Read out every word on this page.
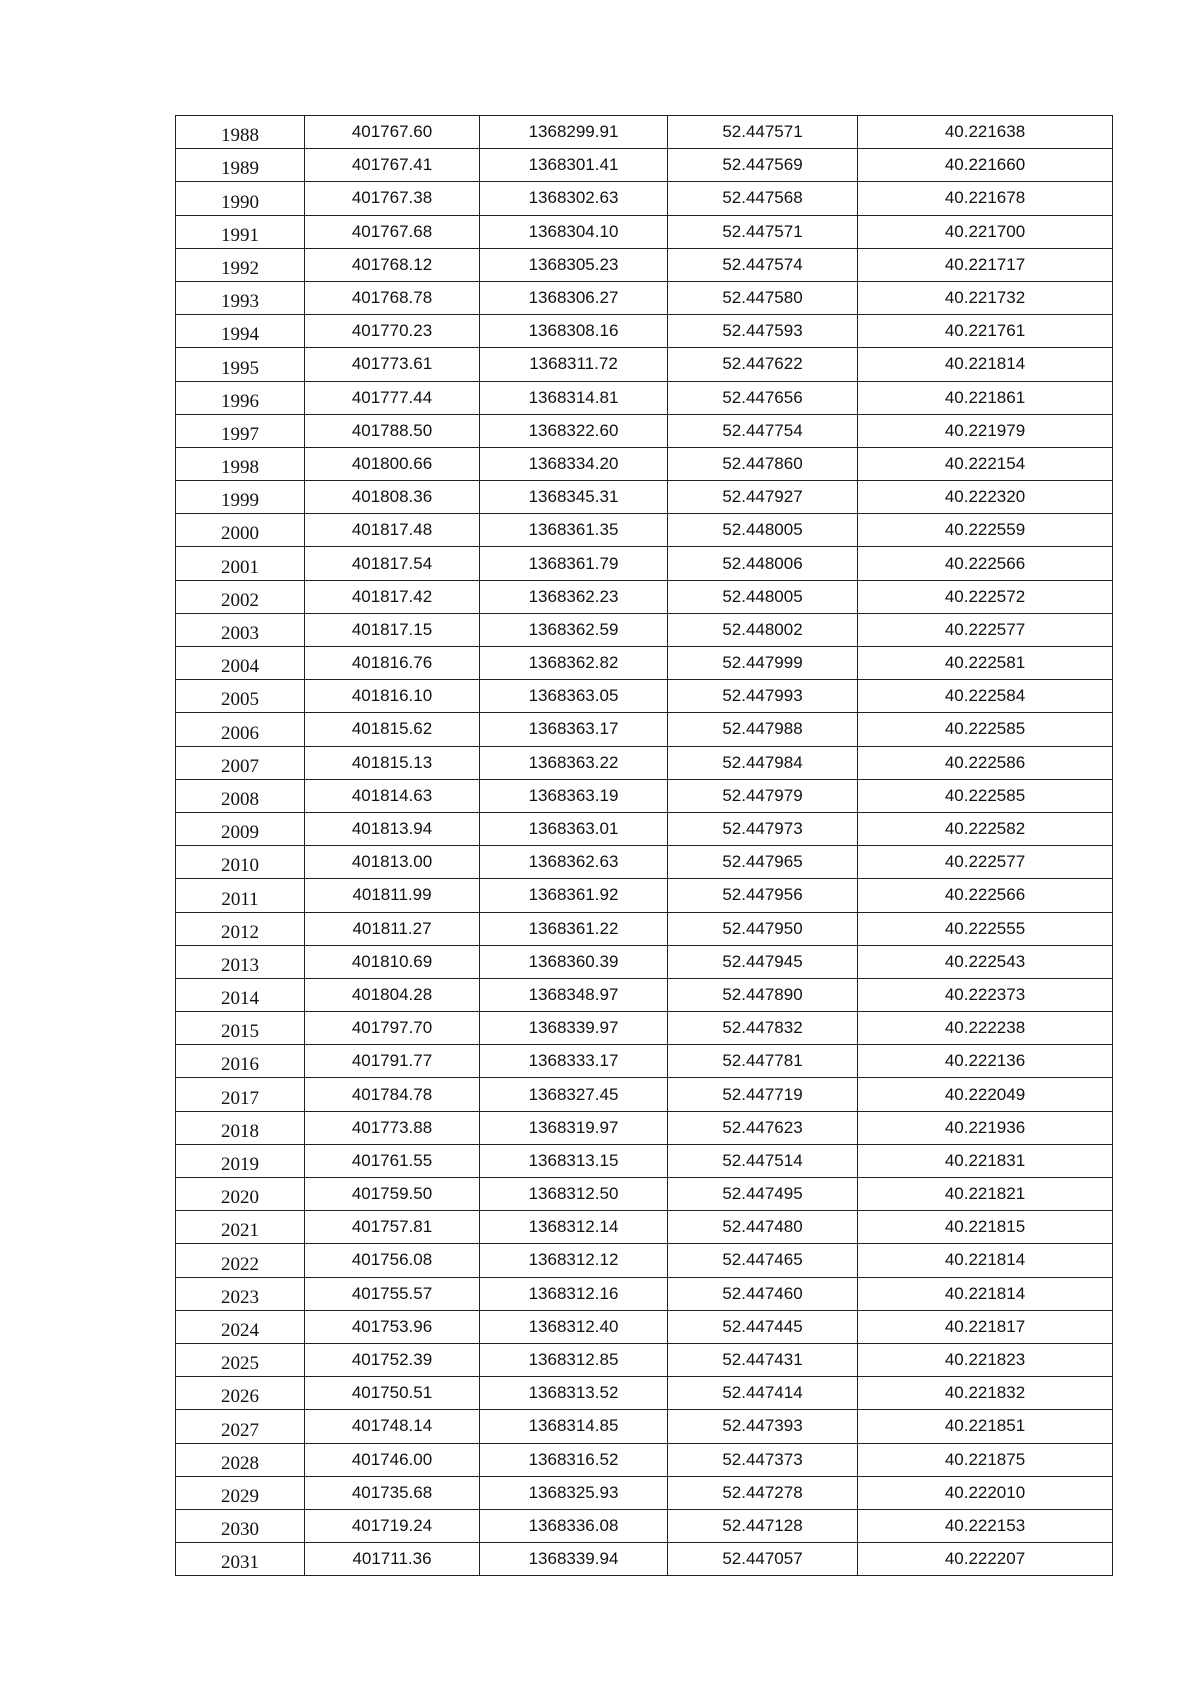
1988	401767.60	1368299.91	52.447571	40.221638
1989	401767.41	1368301.41	52.447569	40.221660
1990	401767.38	1368302.63	52.447568	40.221678
1991	401767.68	1368304.10	52.447571	40.221700
1992	401768.12	1368305.23	52.447574	40.221717
1993	401768.78	1368306.27	52.447580	40.221732
1994	401770.23	1368308.16	52.447593	40.221761
1995	401773.61	1368311.72	52.447622	40.221814
1996	401777.44	1368314.81	52.447656	40.221861
1997	401788.50	1368322.60	52.447754	40.221979
1998	401800.66	1368334.20	52.447860	40.222154
1999	401808.36	1368345.31	52.447927	40.222320
2000	401817.48	1368361.35	52.448005	40.222559
2001	401817.54	1368361.79	52.448006	40.222566
2002	401817.42	1368362.23	52.448005	40.222572
2003	401817.15	1368362.59	52.448002	40.222577
2004	401816.76	1368362.82	52.447999	40.222581
2005	401816.10	1368363.05	52.447993	40.222584
2006	401815.62	1368363.17	52.447988	40.222585
2007	401815.13	1368363.22	52.447984	40.222586
2008	401814.63	1368363.19	52.447979	40.222585
2009	401813.94	1368363.01	52.447973	40.222582
2010	401813.00	1368362.63	52.447965	40.222577
2011	401811.99	1368361.92	52.447956	40.222566
2012	401811.27	1368361.22	52.447950	40.222555
2013	401810.69	1368360.39	52.447945	40.222543
2014	401804.28	1368348.97	52.447890	40.222373
2015	401797.70	1368339.97	52.447832	40.222238
2016	401791.77	1368333.17	52.447781	40.222136
2017	401784.78	1368327.45	52.447719	40.222049
2018	401773.88	1368319.97	52.447623	40.221936
2019	401761.55	1368313.15	52.447514	40.221831
2020	401759.50	1368312.50	52.447495	40.221821
2021	401757.81	1368312.14	52.447480	40.221815
2022	401756.08	1368312.12	52.447465	40.221814
2023	401755.57	1368312.16	52.447460	40.221814
2024	401753.96	1368312.40	52.447445	40.221817
2025	401752.39	1368312.85	52.447431	40.221823
2026	401750.51	1368313.52	52.447414	40.221832
2027	401748.14	1368314.85	52.447393	40.221851
2028	401746.00	1368316.52	52.447373	40.221875
2029	401735.68	1368325.93	52.447278	40.222010
2030	401719.24	1368336.08	52.447128	40.222153
2031	401711.36	1368339.94	52.447057	40.222207
